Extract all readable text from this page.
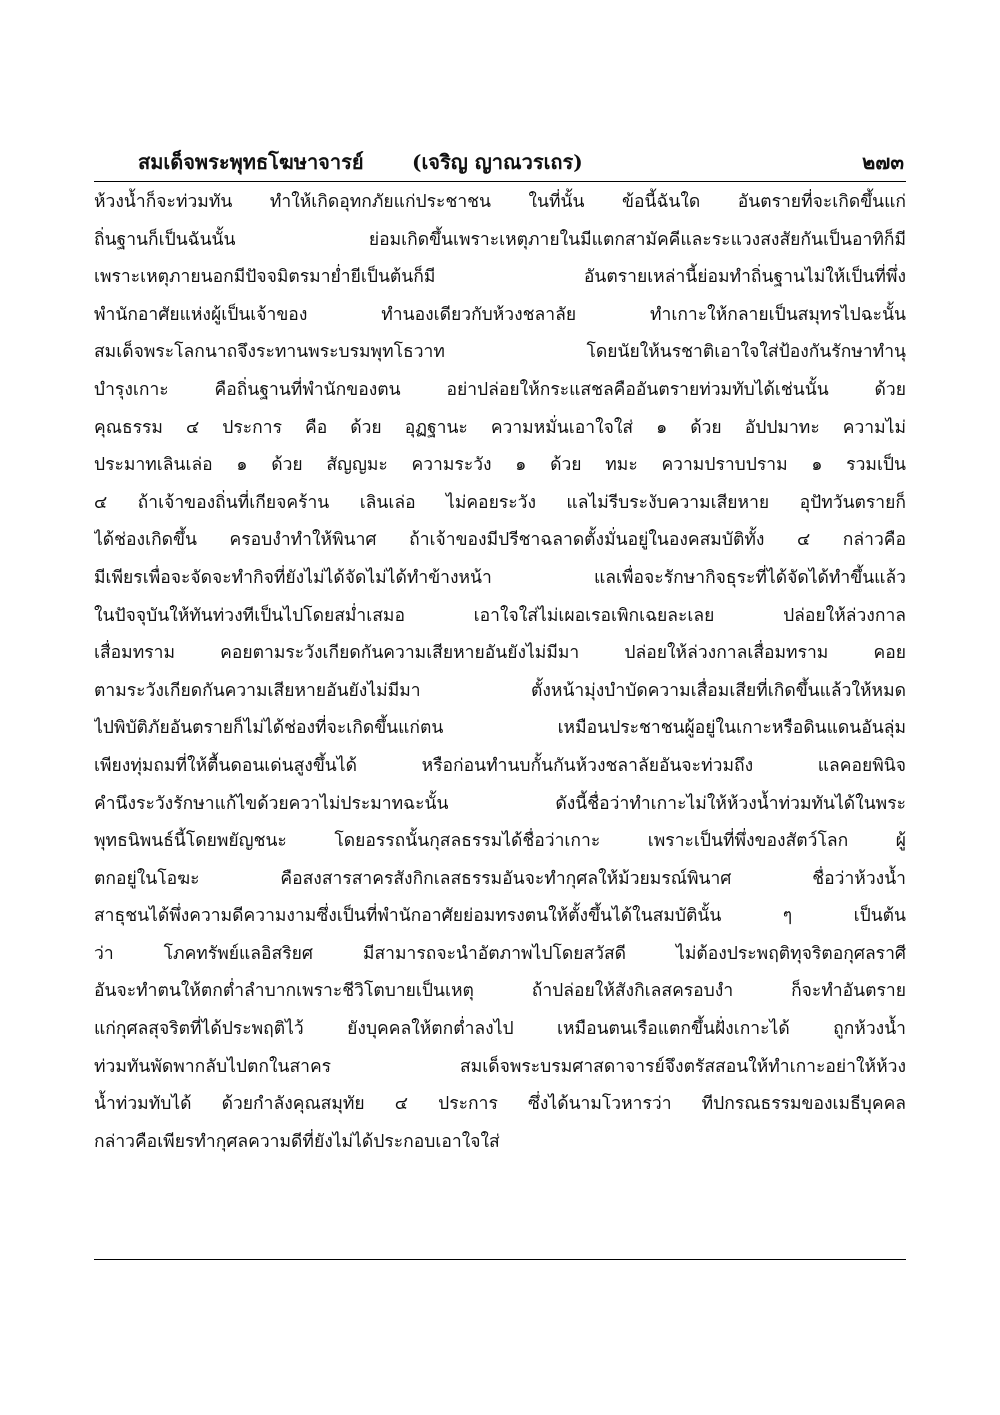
สมเด็จพระพุทธโฆษาจารย์ (เจริญ ญาณวรเถร)	๒๗๓
ห้วงน้ำก็จะท่วมทัน ทำให้เกิดอุทกภัยแก่ประชาชน ในที่นั้น ข้อนี้ฉันใด อันตรายที่จะเกิดขึ้นแก่
ถิ่นฐานก็เป็นฉันนั้น ย่อมเกิดขึ้นเพราะเหตุภายในมีแตกสามัคคีและระแวงสงสัยกันเป็นอาทิก็มี
เพราะเหตุภายนอกมีปัจจมิตรมาย่ำยีเป็นต้นก็มี อันตรายเหล่านี้ย่อมทำถิ่นฐานไม่ให้เป็นที่พึ่ง
พำนักอาศัยแห่งผู้เป็นเจ้าของ ทำนองเดียวกับห้วงชลาลัย ทำเกาะให้กลายเป็นสมุทรไปฉะนั้น
สมเด็จพระโลกนาถจึงระทานพระบรมพุทโธวาท โดยนัยให้นรชาติเอาใจใส่ป้องกันรักษาทำนุ
บำรุงเกาะ คือถิ่นฐานที่พำนักของตน อย่าปล่อยให้กระแสชลคืออันตรายท่วมทับได้เช่นนั้น ด้วย
คุณธรรม ๔ ประการ คือ ด้วย อุฏฐานะ ความหมั่นเอาใจใส่ ๑ ด้วย อัปปมาทะ ความไม่
ประมาทเลินเล่อ ๑ ด้วย สัญญมะ ความระวัง ๑ ด้วย ทมะ ความปราบปราม ๑ รวมเป็น
๔ ถ้าเจ้าของถิ่นที่เกียจคร้าน เลินเล่อ ไม่คอยระวัง แลไม่รีบระงับความเสียหาย อุปัทวันตรายก็
ได้ช่องเกิดขึ้น ครอบงำทำให้พินาศ ถ้าเจ้าของมีปรีชาฉลาดตั้งมั่นอยู่ในองคสมบัติทั้ง ๔ กล่าวคือ
มีเพียรเพื่อจะจัดจะทำกิจที่ยังไม่ได้จัดไม่ได้ทำข้างหน้า แลเพื่อจะรักษากิจธุระที่ได้จัดได้ทำขึ้นแล้ว
ในปัจจุบันให้ทันท่วงทีเป็นไปโดยสม่ำเสมอ เอาใจใส่ไม่เผอเรอเพิกเฉยละเลย ปล่อยให้ล่วงกาล
เสื่อมทราม คอยตามระวังเกียดกันความเสียหายอันยังไม่มีมา ปล่อยให้ล่วงกาลเสื่อมทราม คอย
ตามระวังเกียดกันความเสียหายอันยังไม่มีมา ตั้งหน้ามุ่งบำบัดความเสื่อมเสียที่เกิดขึ้นแล้วให้หมด
ไปพิบัติภัยอันตรายก็ไม่ได้ช่องที่จะเกิดขึ้นแก่ตน เหมือนประชาชนผู้อยู่ในเกาะหรือดินแดนอันลุ่ม
เพียงทุ่มถมที่ให้ตื้นดอนเด่นสูงขึ้นได้ หรือก่อนทำนบกั้นกันห้วงชลาลัยอันจะท่วมถึง แลคอยพินิจ
คำนึงระวังรักษาแก้ไขด้วยควาไม่ประมาทฉะนั้น ดังนี้ชื่อว่าทำเกาะไม่ให้ห้วงน้ำท่วมทันได้ในพระ
พุทธนิพนธ์นี้โดยพยัญชนะ โดยอรรถนั้นกุสลธรรมได้ชื่อว่าเกาะ เพราะเป็นที่พึ่งของสัตว์โลก ผู้
ตกอยู่ในโอฆะ คือสงสารสาครสังกิกเลสธรรมอันจะทำกุศลให้ม้วยมรณ์พินาศ ชื่อว่าห้วงน้ำ
สาธุชนได้พึ่งความดีความงามซึ่งเป็นที่พำนักอาศัยย่อมทรงตนให้ตั้งขึ้นได้ในสมบัตินั้น ๆ เป็นต้น
ว่า โภคทรัพย์แลอิสริยศ มีสามารถจะนำอัตภาพไปโดยสวัสดี ไม่ต้องประพฤติทุจริตอกุศลราศี
อันจะทำตนให้ตกต่ำลำบากเพราะชีวิโตบายเป็นเหตุ ถ้าปล่อยให้สังกิเลสครอบงำ ก็จะทำอันตราย
แก่กุศลสุจริตที่ได้ประพฤติไว้ ยังบุคคลให้ตกต่ำลงไป เหมือนตนเรือแตกขึ้นฝั่งเกาะได้ ถูกห้วงน้ำ
ท่วมทันพัดพากลับไปตกในสาคร สมเด็จพระบรมศาสดาจารย์จึงตรัสสอนให้ทำเกาะอย่าให้ห้วง
น้ำท่วมทับได้ ด้วยกำลังคุณสมุทัย ๔ ประการ ซึ่งได้นามโวหารว่า ทีปกรณธรรมของเมธีบุคคล
กล่าวคือเพียรทำกุศลความดีที่ยังไม่ได้ประกอบเอาใจใส่
